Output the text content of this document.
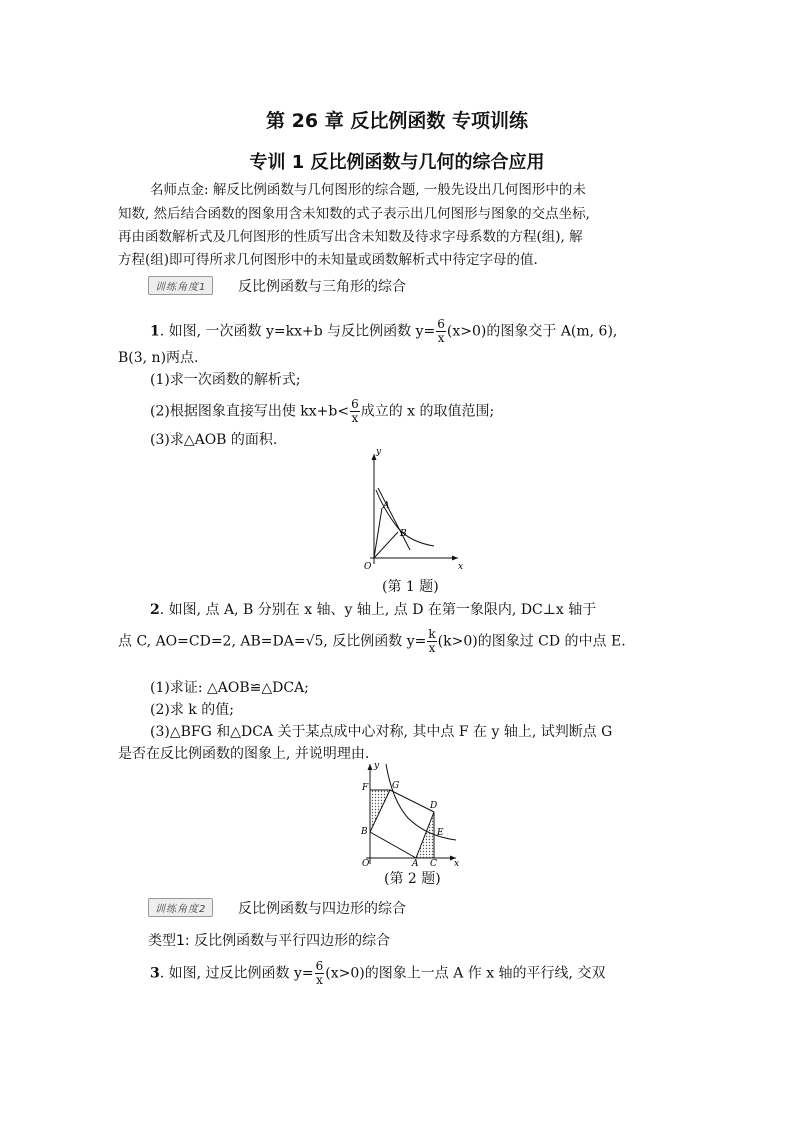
第 26 章 反比例函数 专项训练
专训 1 反比例函数与几何的综合应用
名师点金: 解反比例函数与几何图形的综合题, 一般先设出几何图形中的未
知数, 然后结合函数的图象用含未知数的式子表示出几何图形与图象的交点坐标,
再由函数解析式及几何图形的性质写出含未知数及待求字母系数的方程(组), 解
方程(组)即可得所求几何图形中的未知量或函数解析式中待定字母的值.
训练角度1	反比例函数与三角形的综合
1. 如图, 一次函数 y=kx+b 与反比例函数 $y= \frac{6}{x} (x>0)$的图象交于 A(m, 6),
B(3, n)两点.
(1)求一次函数的解析式;
(2)根据图象直接写出使 $kx+b< \frac{6}{x}$ 成立的 x 的取值范围;
(3)求△AOB 的面积.
y
x
O
A
B
(第 1 题)
2. 如图, 点 A, B 分别在 x 轴、y 轴上, 点 D 在第一象限内, DC⊥x 轴于
点 C, AO=CD=2, AB=DA=√5, 反比例函数 $y= \frac{k}{x} (k>0)$的图象过 CD 的中点 E.
(1)求证: △AOB≌△DCA;
(2)求 k 的值;
(3)△BFG 和△DCA 关于某点成中心对称, 其中点 F 在 y 轴上, 试判断点 G
是否在反比例函数的图象上, 并说明理由.
y
x
O
F	G
B
A C
D
E
(第 2 题)
训练角度2	反比例函数与四边形的综合
类型1: 反比例函数与平行四边形的综合
3. 如图, 过反比例函数 $y= \frac{6}{x} (x>0)$的图象上一点 A 作 x 轴的平行线, 交双
